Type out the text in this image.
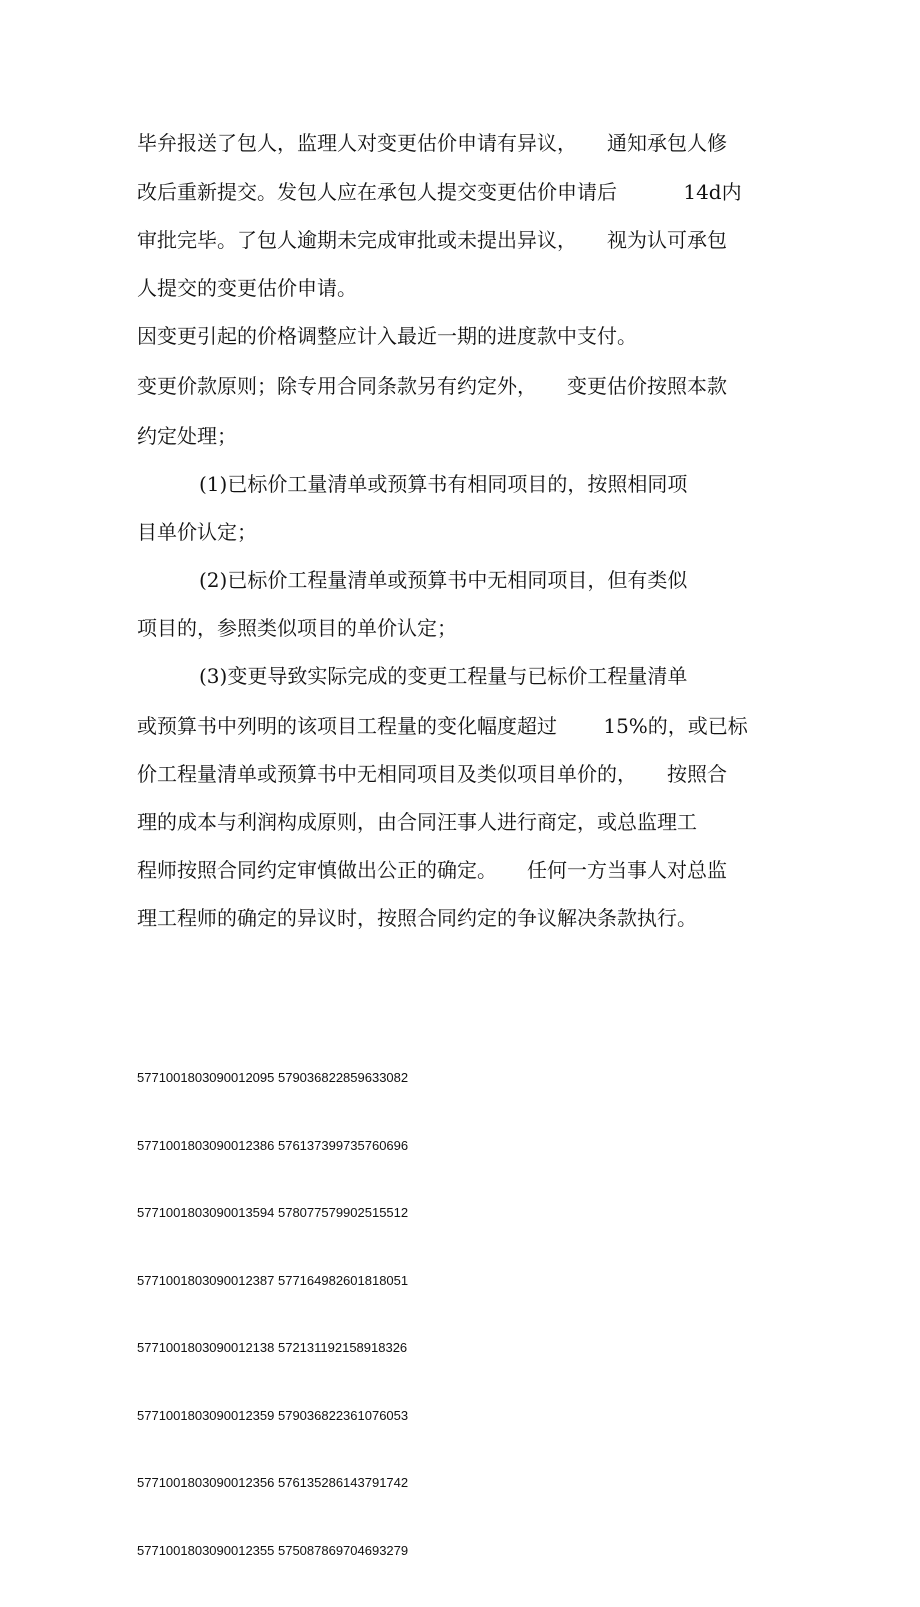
毕弁报送了包人，监理人对变更估价申请有异议，　　通知承包人修
改后重新提交。发包人应在承包人提交变更估价申请后　　　 14d内
审批完毕。了包人逾期未完成审批或未提出异议，　　视为认可承包
人提交的变更估价申请。
因变更引起的价格调整应计入最近一期的进度款中支付。
变更价款原则；除专用合同条款另有约定外，　　变更估价按照本款
约定处理；
(1)已标价工量清单或预算书有相同项目的，按照相同项
目单价认定；
(2)已标价工程量清单或预算书中无相同项目，但有类似
项目的，参照类似项目的单价认定；
(3)变更导致实际完成的变更工程量与已标价工程量清单
或预算书中列明的该项目工程量的变化幅度超过　　 15%的，或已标
价工程量清单或预算书中无相同项目及类似项目单价的，　　按照合
理的成本与利润构成原则，由合同汪事人进行商定，或总监理工
程师按照合同约定审慎做出公正的确定。　　任何一方当事人对总监
理工程师的确定的异议时，按照合同约定的争议解决条款执行。

5771001803090012095 579036822859633082

5771001803090012386 576137399735760696

5771001803090013594 578077579902515512

5771001803090012387 577164982601818051

5771001803090012138 572131192158918326

5771001803090012359 579036822361076053

5771001803090012356 576135286143791742

5771001803090012355 575087869704693279
